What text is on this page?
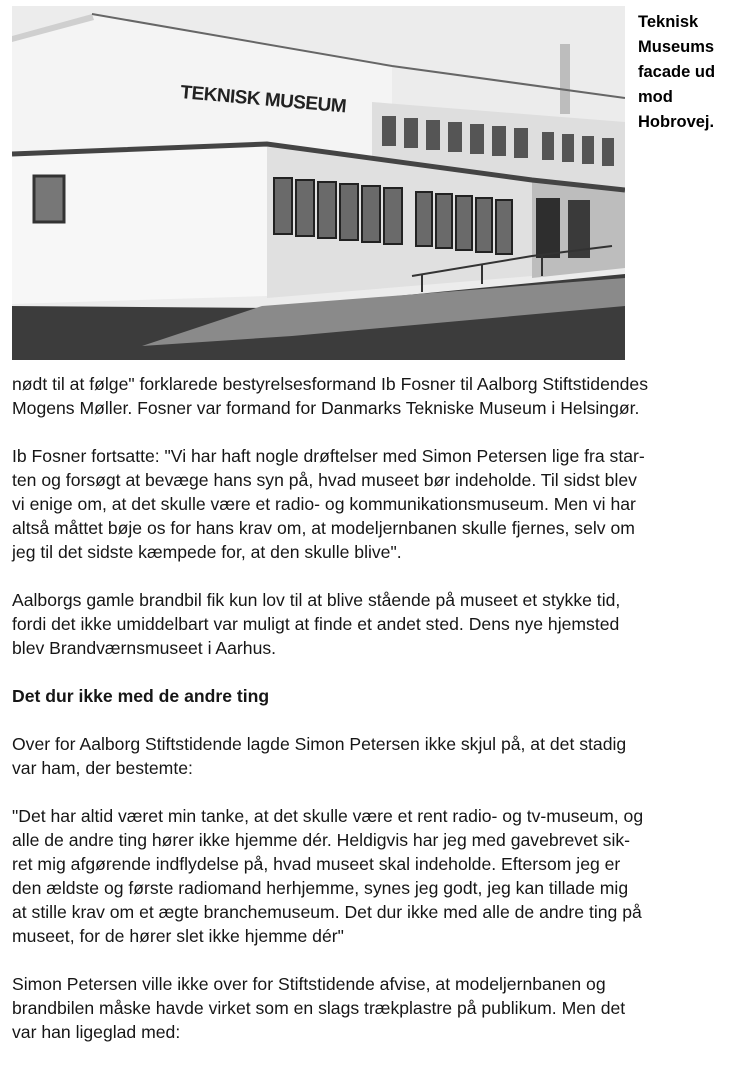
TEKNISK MUSEUM
Teknisk
Museums
facade ud
mod
Hobrovej.

nødt til at følge" forklarede bestyrelsesformand Ib Fosner til Aalborg Stiftstidendes
Mogens Møller. Fosner var formand for Danmarks Tekniske Museum i Helsingør.

Ib Fosner fortsatte: "Vi har haft nogle drøftelser med Simon Petersen lige fra star-
ten og forsøgt at bevæge hans syn på, hvad museet bør indeholde. Til sidst blev
vi enige om, at det skulle være et radio- og kommunikationsmuseum. Men vi har
altså måttet bøje os for hans krav om, at modeljernbanen skulle fjernes, selv om
jeg til det sidste kæmpede for, at den skulle blive".

Aalborgs gamle brandbil fik kun lov til at blive stående på museet et stykke tid,
fordi det ikke umiddelbart var muligt at finde et andet sted. Dens nye hjemsted
blev Brandværnsmuseet i Aarhus.

Det dur ikke med de andre ting

Over for Aalborg Stiftstidende lagde Simon Petersen ikke skjul på, at det stadig
var ham, der bestemte:

"Det har altid været min tanke, at det skulle være et rent radio- og tv-museum, og
alle de andre ting hører ikke hjemme dér. Heldigvis har jeg med gavebrevet sik-
ret mig afgørende indflydelse på, hvad museet skal indeholde. Eftersom jeg er
den ældste og første radiomand herhjemme, synes jeg godt, jeg kan tillade mig
at stille krav om et ægte branchemuseum. Det dur ikke med alle de andre ting på
museet, for de hører slet ikke hjemme dér"

Simon Petersen ville ikke over for Stiftstidende afvise, at modeljernbanen og
brandbilen måske havde virket som en slags trækplastre på publikum. Men det
var han ligeglad med:
